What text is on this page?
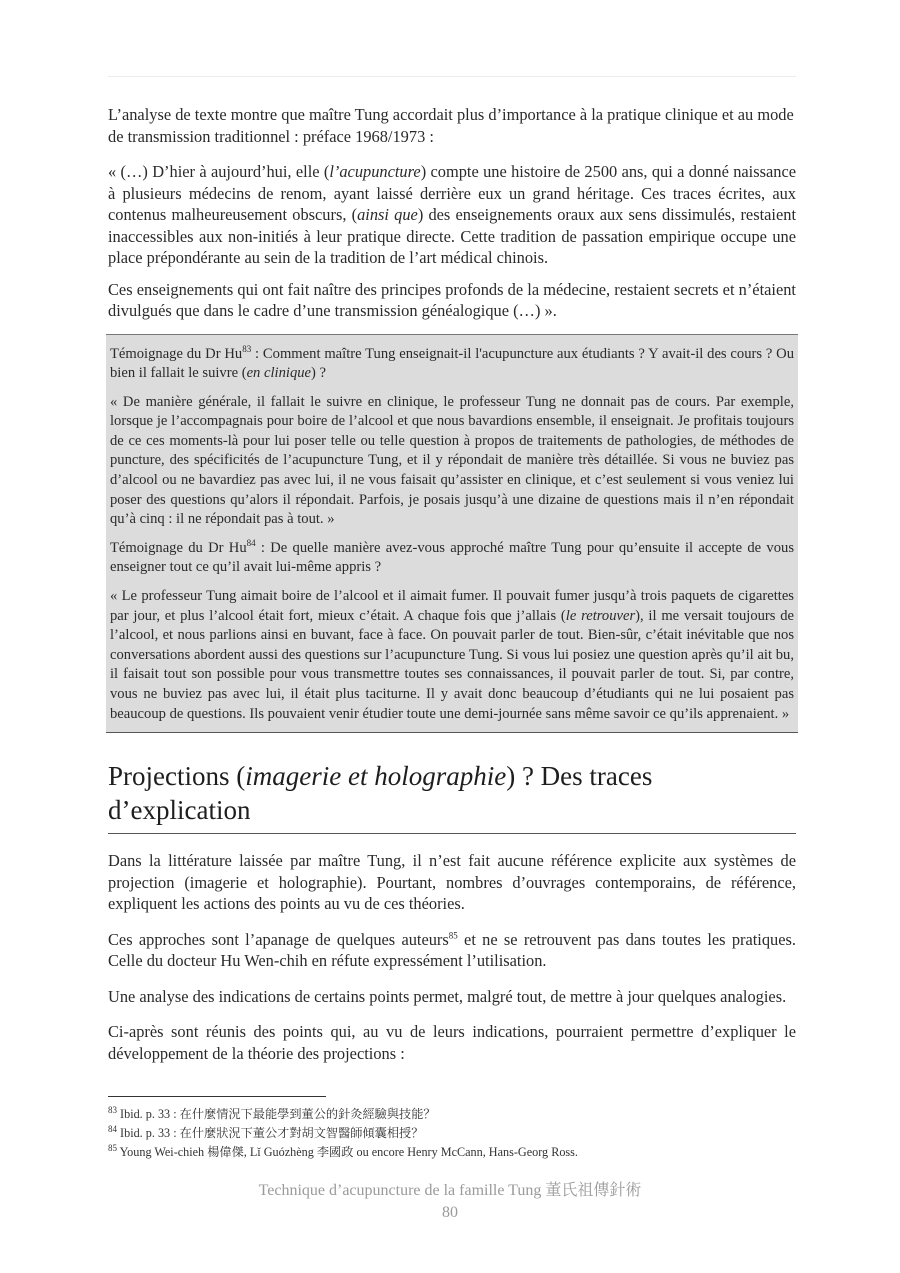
L’analyse de texte montre que maître Tung accordait plus d’importance à la pratique clinique et au mode de transmission traditionnel : préface 1968/1973 :

« (…) D’hier à aujourd’hui, elle (l’acupuncture) compte une histoire de 2500 ans, qui a donné naissance à plusieurs médecins de renom, ayant laissé derrière eux un grand héritage. Ces traces écrites, aux contenus malheureusement obscurs, (ainsi que) des enseignements oraux aux sens dissimulés, restaient inaccessibles aux non-initiés à leur pratique directe. Cette tradition de passation empirique occupe une place prépondérante au sein de la tradition de l’art médical chinois.

Ces enseignements qui ont fait naître des principes profonds de la médecine, restaient secrets et n’étaient divulgués que dans le cadre d’une transmission généalogique (…) ».

Témoignage du Dr Hu$^{83}$ : Comment maître Tung enseignait-il l'acupuncture aux étudiants ? Y avait-il des cours ? Ou bien il fallait le suivre (en clinique) ?

« De manière générale, il fallait le suivre en clinique, le professeur Tung ne donnait pas de cours. Par exemple, lorsque je l’accompagnais pour boire de l’alcool et que nous bavardions ensemble, il enseignait. Je profitais toujours de ce ces moments-là pour lui poser telle ou telle question à propos de traitements de pathologies, de méthodes de puncture, des spécificités de l’acupuncture Tung, et il y répondait de manière très détaillée. Si vous ne buviez pas d’alcool ou ne bavardiez pas avec lui, il ne vous faisait qu’assister en clinique, et c’est seulement si vous veniez lui poser des questions qu’alors il répondait. Parfois, je posais jusqu’à une dizaine de questions mais il n’en répondait qu’à cinq : il ne répondait pas à tout. »

Témoignage du Dr Hu$^{84}$ : De quelle manière avez-vous approché maître Tung pour qu’ensuite il accepte de vous enseigner tout ce qu’il avait lui-même appris ?

« Le professeur Tung aimait boire de l’alcool et il aimait fumer. Il pouvait fumer jusqu’à trois paquets de cigarettes par jour, et plus l’alcool était fort, mieux c’était. A chaque fois que j’allais (le retrouver), il me versait toujours de l’alcool, et nous parlions ainsi en buvant, face à face. On pouvait parler de tout. Bien-sûr, c’était inévitable que nos conversations abordent aussi des questions sur l’acupuncture Tung. Si vous lui posiez une question après qu’il ait bu, il faisait tout son possible pour vous transmettre toutes ses connaissances, il pouvait parler de tout. Si, par contre, vous ne buviez pas avec lui, il était plus taciturne. Il y avait donc beaucoup d’étudiants qui ne lui posaient pas beaucoup de questions. Ils pouvaient venir étudier toute une demi-journée sans même savoir ce qu’ils apprenaient. »

Projections (imagerie et holographie) ? Des traces d’explication

Dans la littérature laissée par maître Tung, il n’est fait aucune référence explicite aux systèmes de projection (imagerie et holographie). Pourtant, nombres d’ouvrages contemporains, de référence, expliquent les actions des points au vu de ces théories.

Ces approches sont l’apanage de quelques auteurs$^{85}$ et ne se retrouvent pas dans toutes les pratiques. Celle du docteur Hu Wen-chih en réfute expressément l’utilisation.

Une analyse des indications de certains points permet, malgré tout, de mettre à jour quelques analogies.

Ci-après sont réunis des points qui, au vu de leurs indications, pourraient permettre d’expliquer le développement de la théorie des projections :

$^{83}$ Ibid. p. 33 : 在什麼情況下最能學到董公的針灸經驗與技能？
$^{84}$ Ibid. p. 33 : 在什麼狀況下董公才對胡文智醫師傾囊相授？
$^{85}$ Young Wei-chieh 楊偉傑, Lǐ Guózhèng 李國政 ou encore Henry McCann, Hans-Georg Ross.
Technique d’acupuncture de la famille Tung 董氏祖傳針術
80
